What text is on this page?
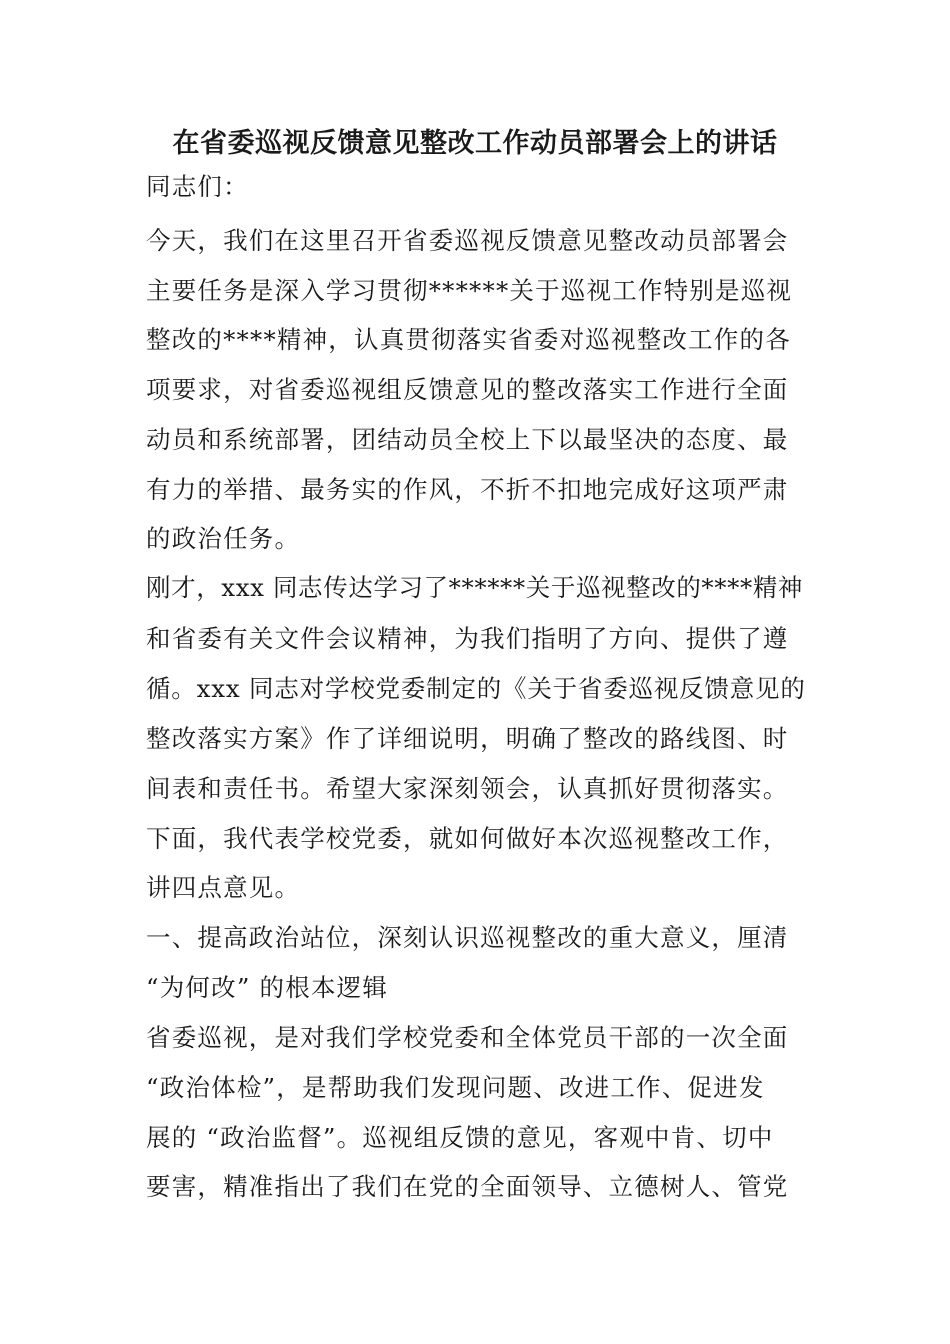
在省委巡视反馈意见整改工作动员部署会上的讲话
同志们：
今天，我们在这里召开省委巡视反馈意见整改动员部署会
主要任务是深入学习贯彻******关于巡视工作特别是巡视
整改的****精神，认真贯彻落实省委对巡视整改工作的各
项要求，对省委巡视组反馈意见的整改落实工作进行全面
动员和系统部署，团结动员全校上下以最坚决的态度、最
有力的举措、最务实的作风，不折不扣地完成好这项严肃
的政治任务。
刚才，xxx 同志传达学习了******关于巡视整改的****精神
和省委有关文件会议精神，为我们指明了方向、提供了遵
循。xxx 同志对学校党委制定的《关于省委巡视反馈意见的
整改落实方案》作了详细说明，明确了整改的路线图、时
间表和责任书。希望大家深刻领会，认真抓好贯彻落实。
下面，我代表学校党委，就如何做好本次巡视整改工作，
讲四点意见。
一、提高政治站位，深刻认识巡视整改的重大意义，厘清
“为何改” 的根本逻辑
省委巡视，是对我们学校党委和全体党员干部的一次全面
“政治体检”，是帮助我们发现问题、改进工作、促进发
展的 “政治监督”。巡视组反馈的意见，客观中肯、切中
要害，精准指出了我们在党的全面领导、立德树人、管党
